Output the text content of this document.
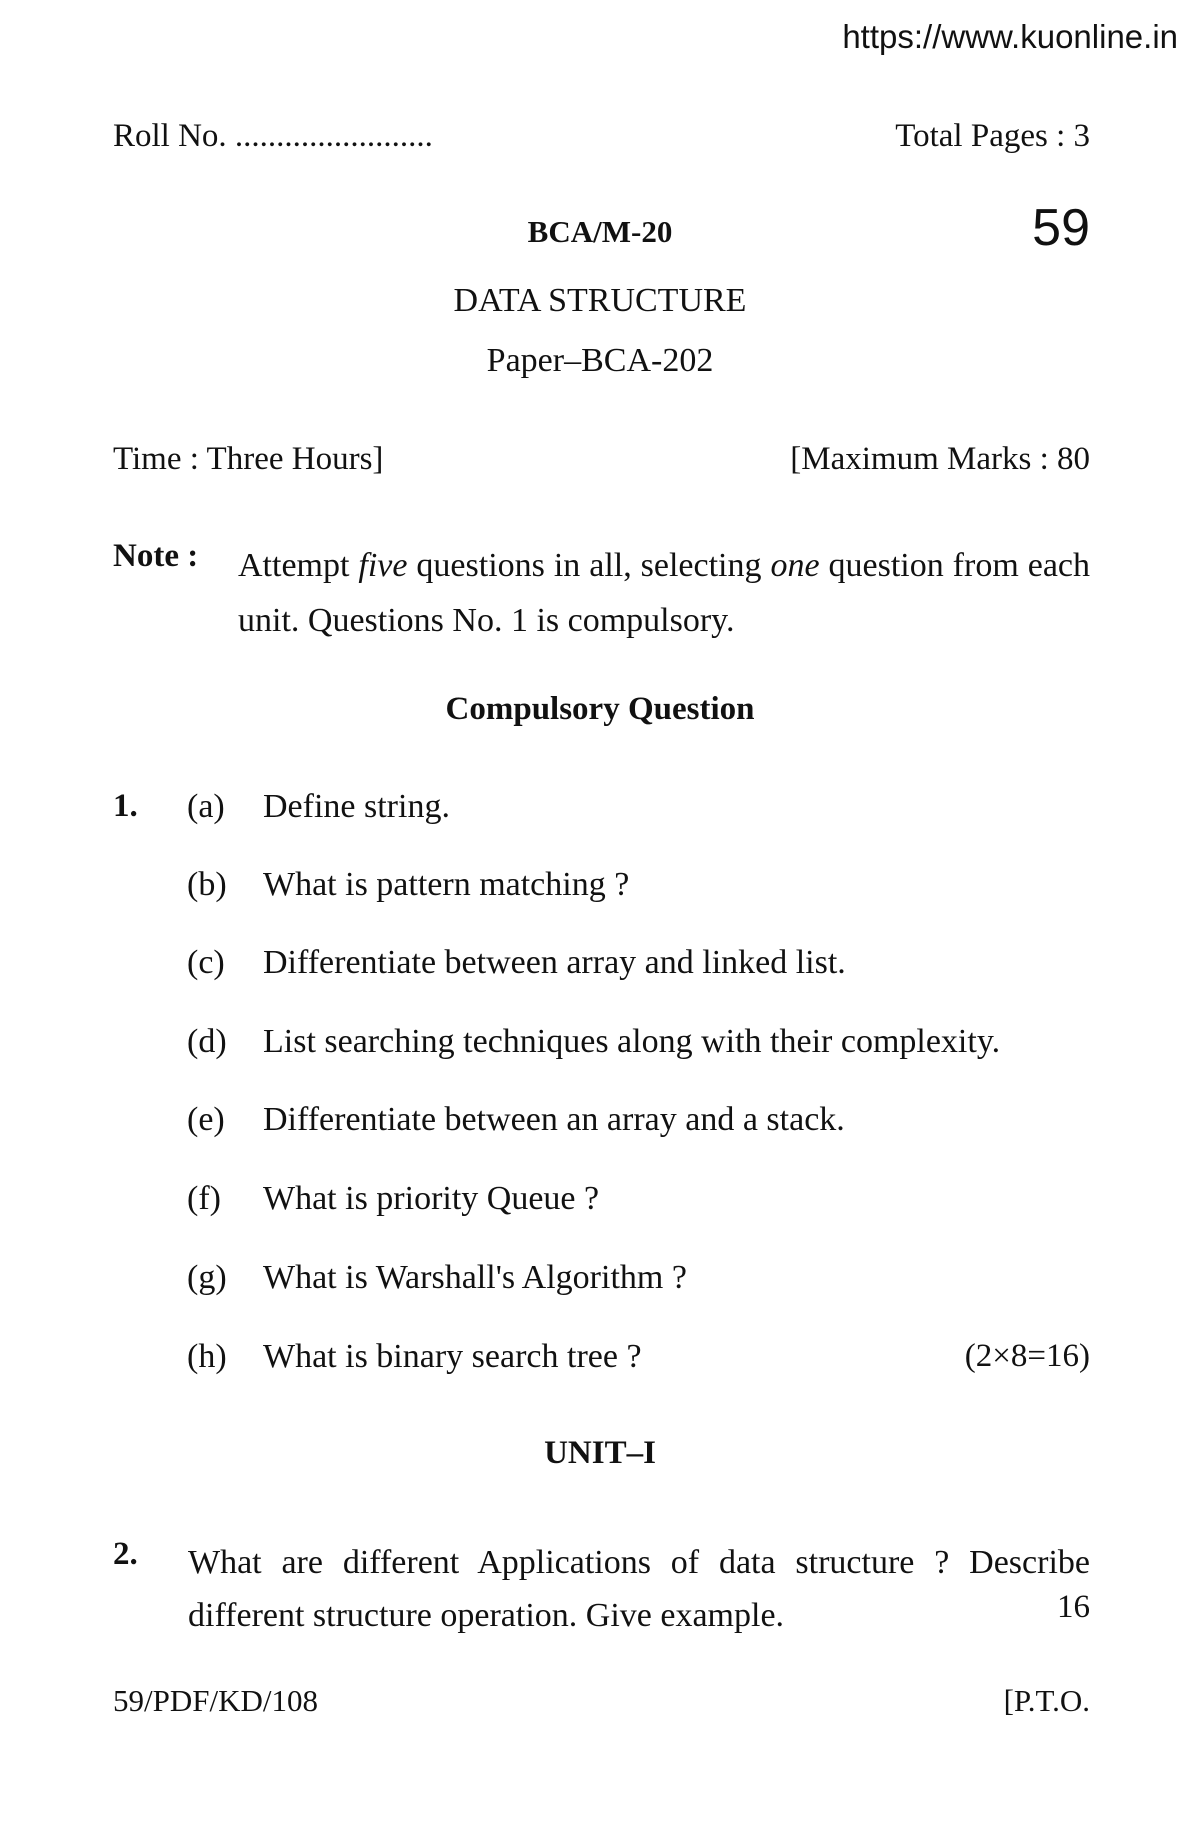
https://www.kuonline.in
Roll No. ........................	Total Pages : 3
BCA/M-20	59
DATA STRUCTURE
Paper–BCA-202
Time : Three Hours]	[Maximum Marks : 80
Note : Attempt five questions in all, selecting one question from each unit. Questions No. 1 is compulsory.
Compulsory Question
1. (a) Define string.
(b) What is pattern matching ?
(c) Differentiate between array and linked list.
(d) List searching techniques along with their complexity.
(e) Differentiate between an array and a stack.
(f) What is priority Queue ?
(g) What is Warshall's Algorithm ?
(h) What is binary search tree ?	(2×8=16)
UNIT–I
2. What are different Applications of data structure ? Describe different structure operation. Give example.	16
59/PDF/KD/108	[P.T.O.
